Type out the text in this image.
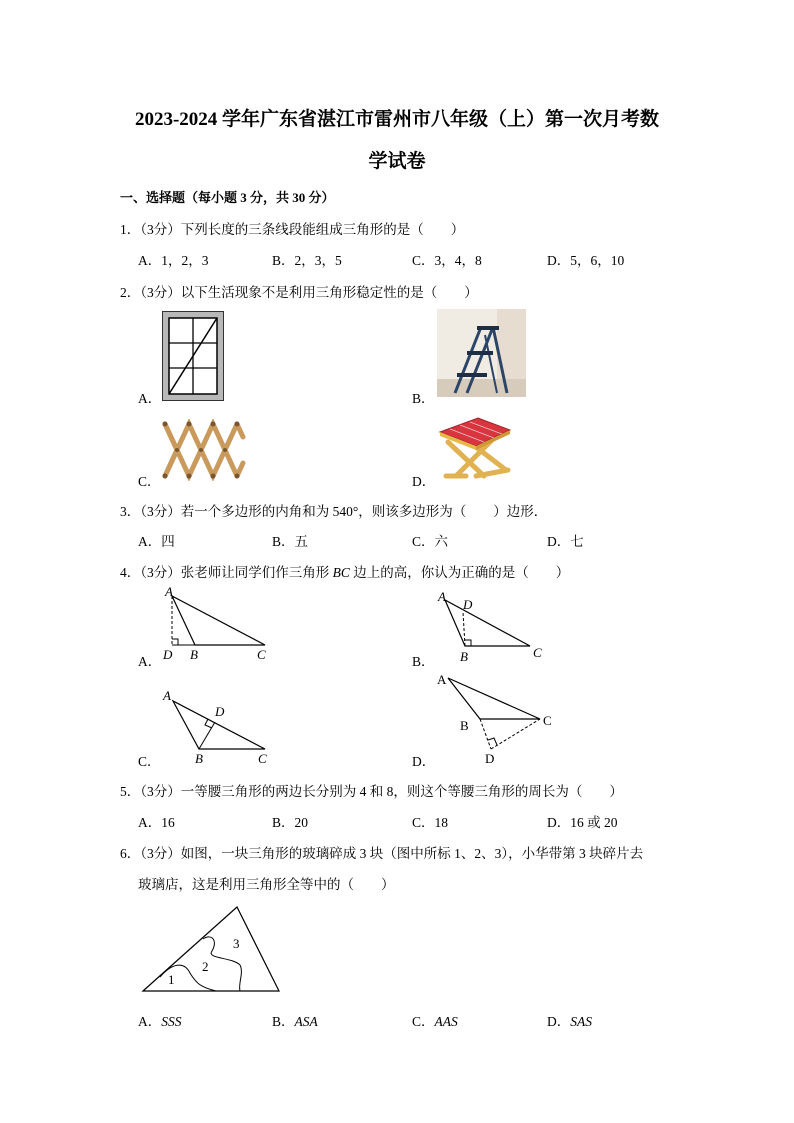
2023-2024 学年广东省湛江市雷州市八年级（上）第一次月考数
学试卷
一、选择题（每小题 3 分，共 30 分）
1．（3分）下列长度的三条线段能组成三角形的是（　　）
A．1，2，3	B．2，3，5	C．3，4，8	D．5，6，10
2．（3分）以下生活现象不是利用三角形稳定性的是（　　）
A．	B．
C．	D．
3．（3分）若一个多边形的内角和为 540°，则该多边形为（　　）边形．
A．四	B．五	C．六	D．七
4．（3分）张老师让同学们作三角形 BC 边上的高，你认为正确的是（　　）
A．
A
D B	C	B．
A
D
B	C
C．
A
D
B	C	D．
A
B	C
D
5．（3分）一等腰三角形的两边长分别为 4 和 8，则这个等腰三角形的周长为（　　）
A．16	B．20	C．18	D．16 或 20
6．（3分）如图，一块三角形的玻璃碎成 3 块（图中所标 1、2、3），小华带第 3 块碎片去
玻璃店，这是利用三角形全等中的（　　）
1
2
3
A．SSS	B．ASA	C．AAS	D．SAS
